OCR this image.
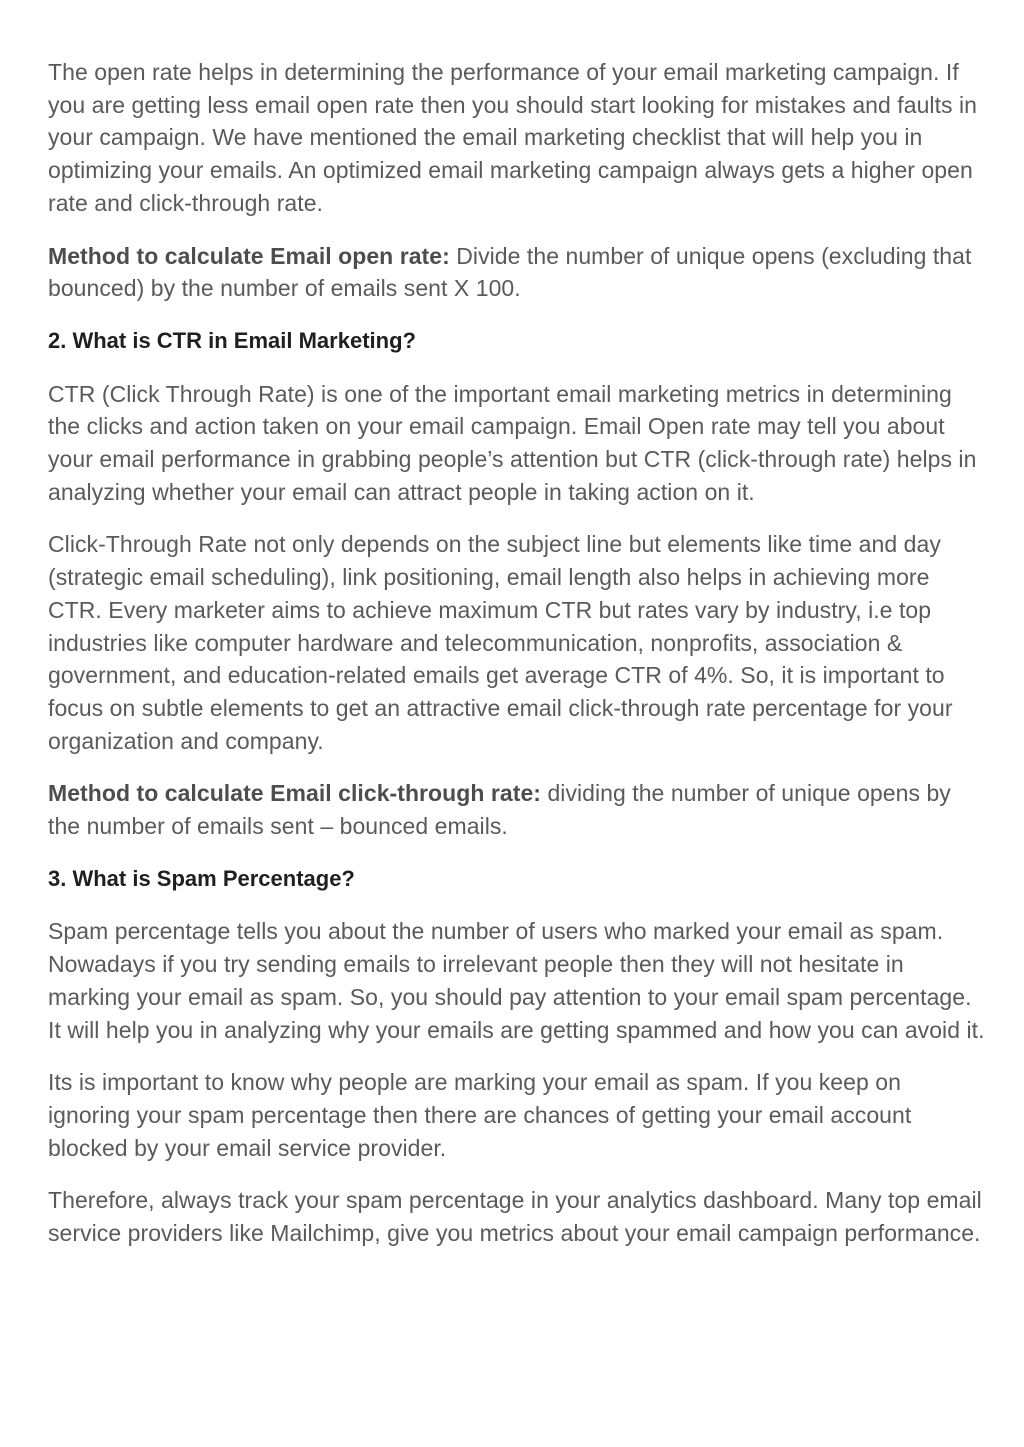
The open rate helps in determining the performance of your email marketing campaign. If you are getting less email open rate then you should start looking for mistakes and faults in your campaign. We have mentioned the email marketing checklist that will help you in optimizing your emails. An optimized email marketing campaign always gets a higher open rate and click-through rate.

Method to calculate Email open rate: Divide the number of unique opens (excluding that bounced) by the number of emails sent X 100.

2. What is CTR in Email Marketing?

CTR (Click Through Rate) is one of the important email marketing metrics in determining the clicks and action taken on your email campaign. Email Open rate may tell you about your email performance in grabbing people’s attention but CTR (click-through rate) helps in analyzing whether your email can attract people in taking action on it.

Click-Through Rate not only depends on the subject line but elements like time and day (strategic email scheduling), link positioning, email length also helps in achieving more CTR. Every marketer aims to achieve maximum CTR but rates vary by industry, i.e top industries like computer hardware and telecommunication, nonprofits, association & government, and education-related emails get average CTR of 4%. So, it is important to focus on subtle elements to get an attractive email click-through rate percentage for your organization and company.

Method to calculate Email click-through rate: dividing the number of unique opens by the number of emails sent – bounced emails.

3. What is Spam Percentage?

Spam percentage tells you about the number of users who marked your email as spam. Nowadays if you try sending emails to irrelevant people then they will not hesitate in marking your email as spam. So, you should pay attention to your email spam percentage. It will help you in analyzing why your emails are getting spammed and how you can avoid it.

Its is important to know why people are marking your email as spam. If you keep on ignoring your spam percentage then there are chances of getting your email account blocked by your email service provider.

Therefore, always track your spam percentage in your analytics dashboard. Many top email service providers like Mailchimp, give you metrics about your email campaign performance.
